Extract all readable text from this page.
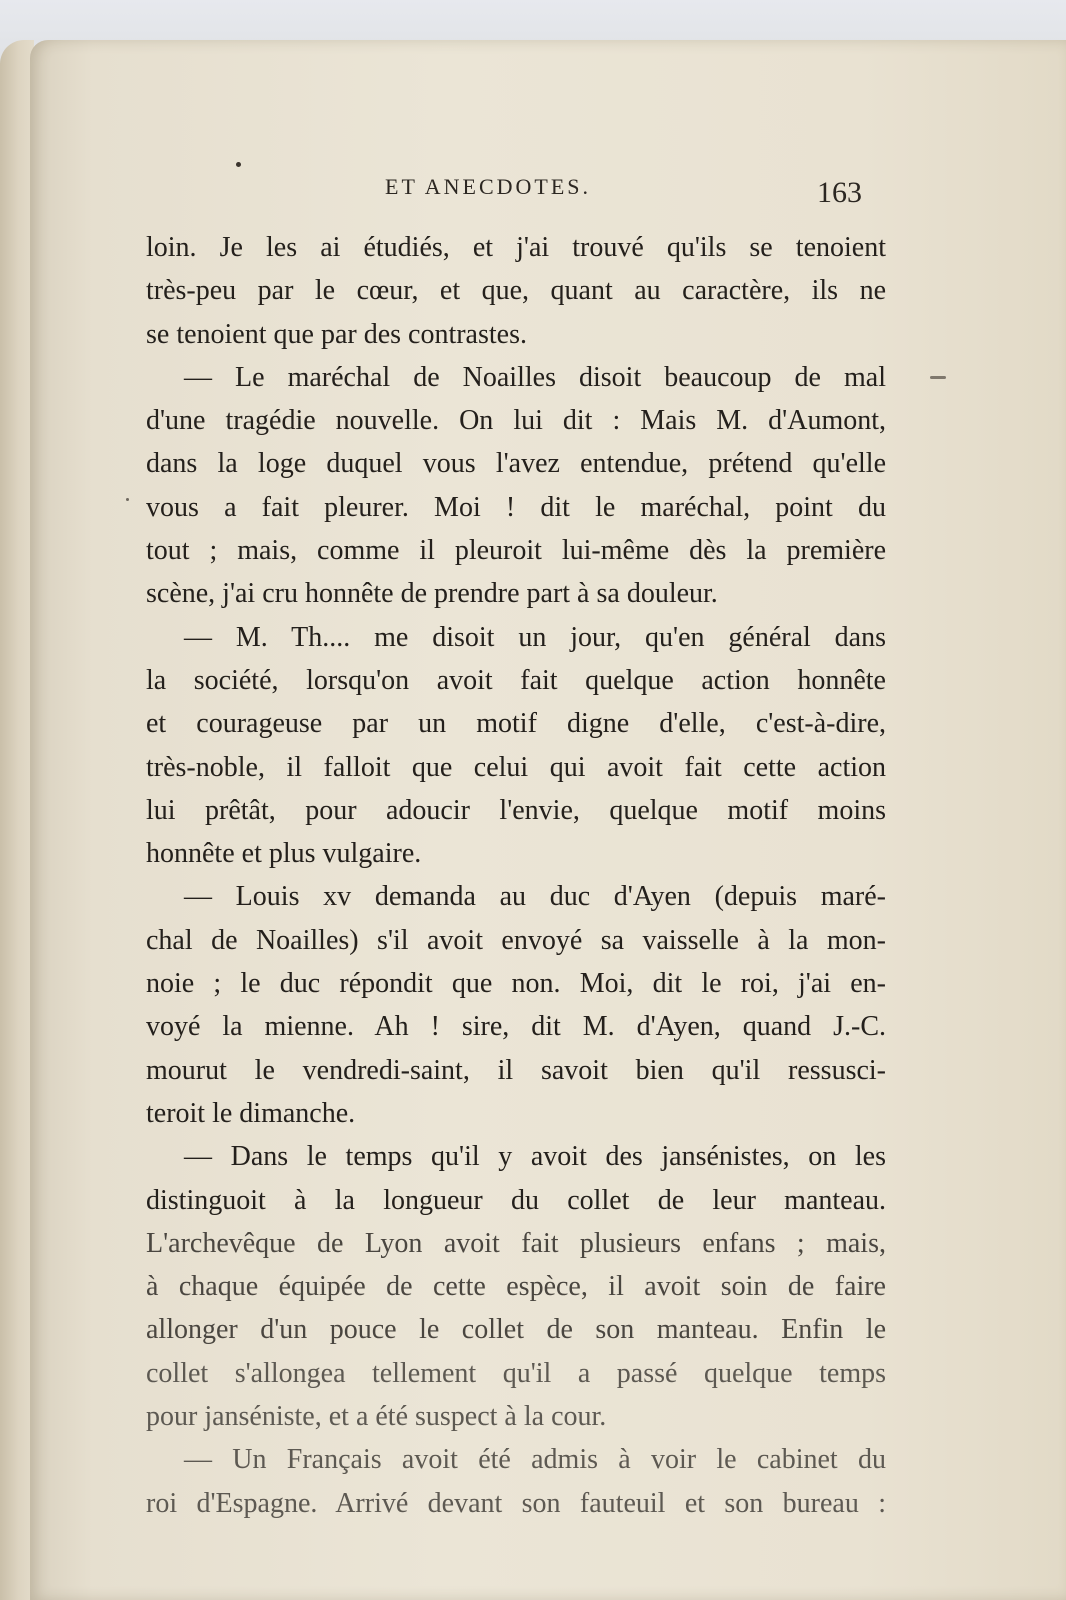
ET ANECDOTES.	163
loin. Je les ai étudiés, et j'ai trouvé qu'ils se tenoient
très-peu par le cœur, et que, quant au caractère, ils ne
se tenoient que par des contrastes.
— Le maréchal de Noailles disoit beaucoup de mal
d'une tragédie nouvelle. On lui dit : Mais M. d'Aumont,
dans la loge duquel vous l'avez entendue, prétend qu'elle
vous a fait pleurer. Moi ! dit le maréchal, point du
tout ; mais, comme il pleuroit lui-même dès la première
scène, j'ai cru honnête de prendre part à sa douleur.
— M. Th.... me disoit un jour, qu'en général dans
la société, lorsqu'on avoit fait quelque action honnête
et courageuse par un motif digne d'elle, c'est-à-dire,
très-noble, il falloit que celui qui avoit fait cette action
lui prêtât, pour adoucir l'envie, quelque motif moins
honnête et plus vulgaire.
— Louis xv demanda au duc d'Ayen (depuis maré-
chal de Noailles) s'il avoit envoyé sa vaisselle à la mon-
noie ; le duc répondit que non. Moi, dit le roi, j'ai en-
voyé la mienne. Ah ! sire, dit M. d'Ayen, quand J.-C.
mourut le vendredi-saint, il savoit bien qu'il ressusci-
teroit le dimanche.
— Dans le temps qu'il y avoit des jansénistes, on les
distinguoit à la longueur du collet de leur manteau.
L'archevêque de Lyon avoit fait plusieurs enfans ; mais,
à chaque équipée de cette espèce, il avoit soin de faire
allonger d'un pouce le collet de son manteau. Enfin le
collet s'allongea tellement qu'il a passé quelque temps
pour janséniste, et a été suspect à la cour.
— Un Français avoit été admis à voir le cabinet du
roi d'Espagne. Arrivé devant son fauteuil et son bureau :
